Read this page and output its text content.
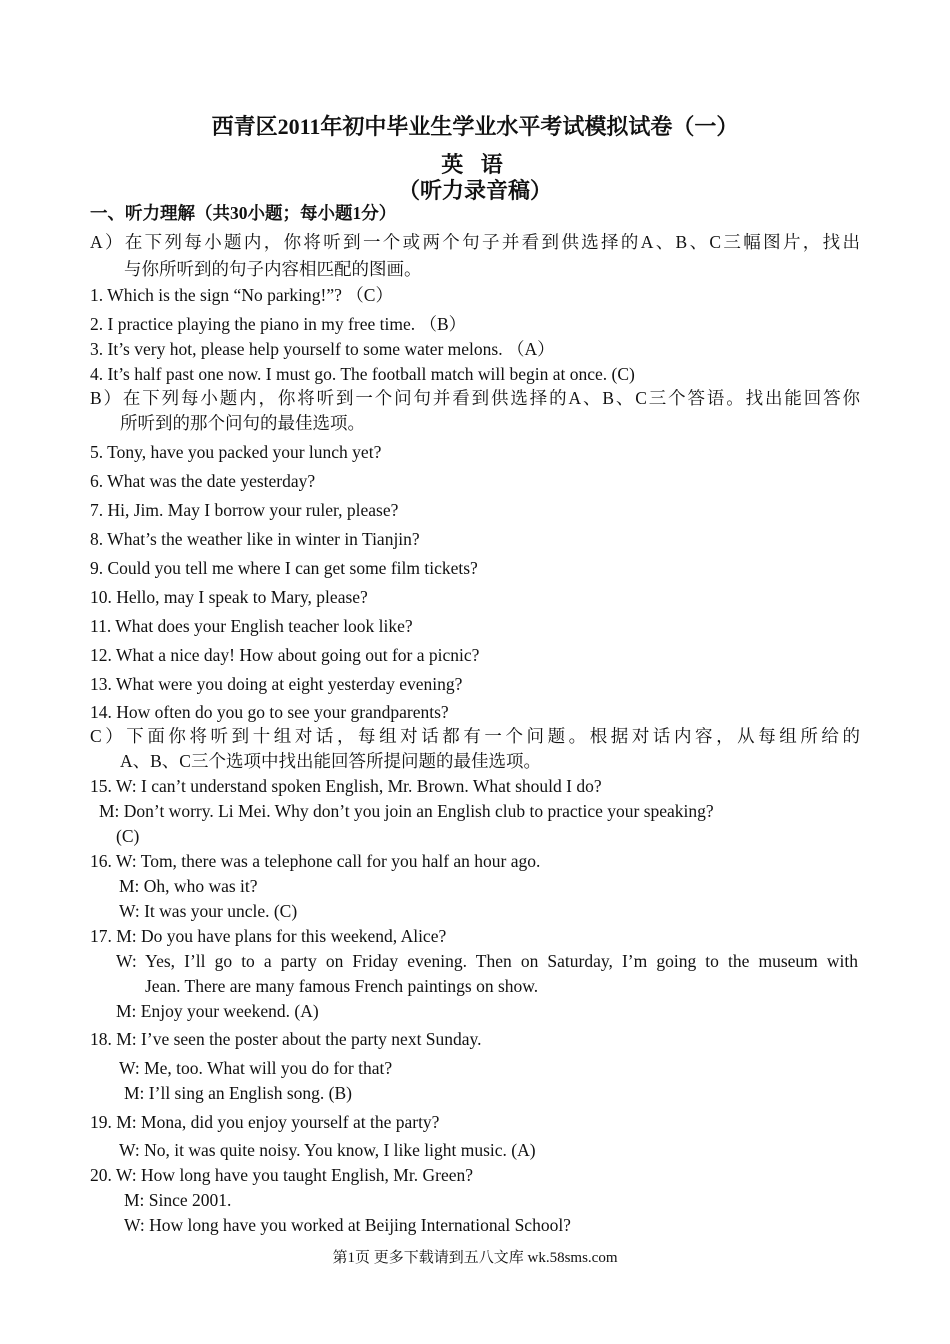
西青区2011年初中毕业生学业水平考试模拟试卷（一）
英 语
（听力录音稿）
一、听力理解（共30小题；每小题1分）
A）在下列每小题内，你将听到一个或两个句子并看到供选择的A、B、C三幅图片，找出
与你所听到的句子内容相匹配的图画。
1. Which is the sign “No parking!”? （C）
2. I practice playing the piano in my free time. （B）
3. It’s very hot, please help yourself to some water melons. （A）
4. It’s half past one now. I must go. The football match will begin at once. (C)
B）在下列每小题内，你将听到一个问句并看到供选择的A、B、C三个答语。找出能回答你
所听到的那个问句的最佳选项。
5. Tony, have you packed your lunch yet?
6. What was the date yesterday?
7. Hi, Jim. May I borrow your ruler, please?
8. What’s the weather like in winter in Tianjin?
9. Could you tell me where I can get some film tickets?
10. Hello, may I speak to Mary, please?
11. What does your English teacher look like?
12. What a nice day! How about going out for a picnic?
13. What were you doing at eight yesterday evening?
14. How often do you go to see your grandparents?
C）下面你将听到十组对话，每组对话都有一个问题。根据对话内容，从每组所给的
A、B、C三个选项中找出能回答所提问题的最佳选项。
15. W: I can’t understand spoken English, Mr. Brown. What should I do?
M: Don’t worry. Li Mei. Why don’t you join an English club to practice your speaking?
(C)
16. W: Tom, there was a telephone call for you half an hour ago.
M: Oh, who was it?
W: It was your uncle. (C)
17. M: Do you have plans for this weekend, Alice?
W: Yes, I’ll go to a party on Friday evening. Then on Saturday, I’m going to the museum with
Jean. There are many famous French paintings on show.
M: Enjoy your weekend. (A)
18. M: I’ve seen the poster about the party next Sunday.
W: Me, too. What will you do for that?
M: I’ll sing an English song. (B)
19. M: Mona, did you enjoy yourself at the party?
W: No, it was quite noisy. You know, I like light music. (A)
20. W: How long have you taught English, Mr. Green?
M: Since 2001.
W: How long have you worked at Beijing International School?
第1页 更多下载请到五八文库 wk.58sms.com
